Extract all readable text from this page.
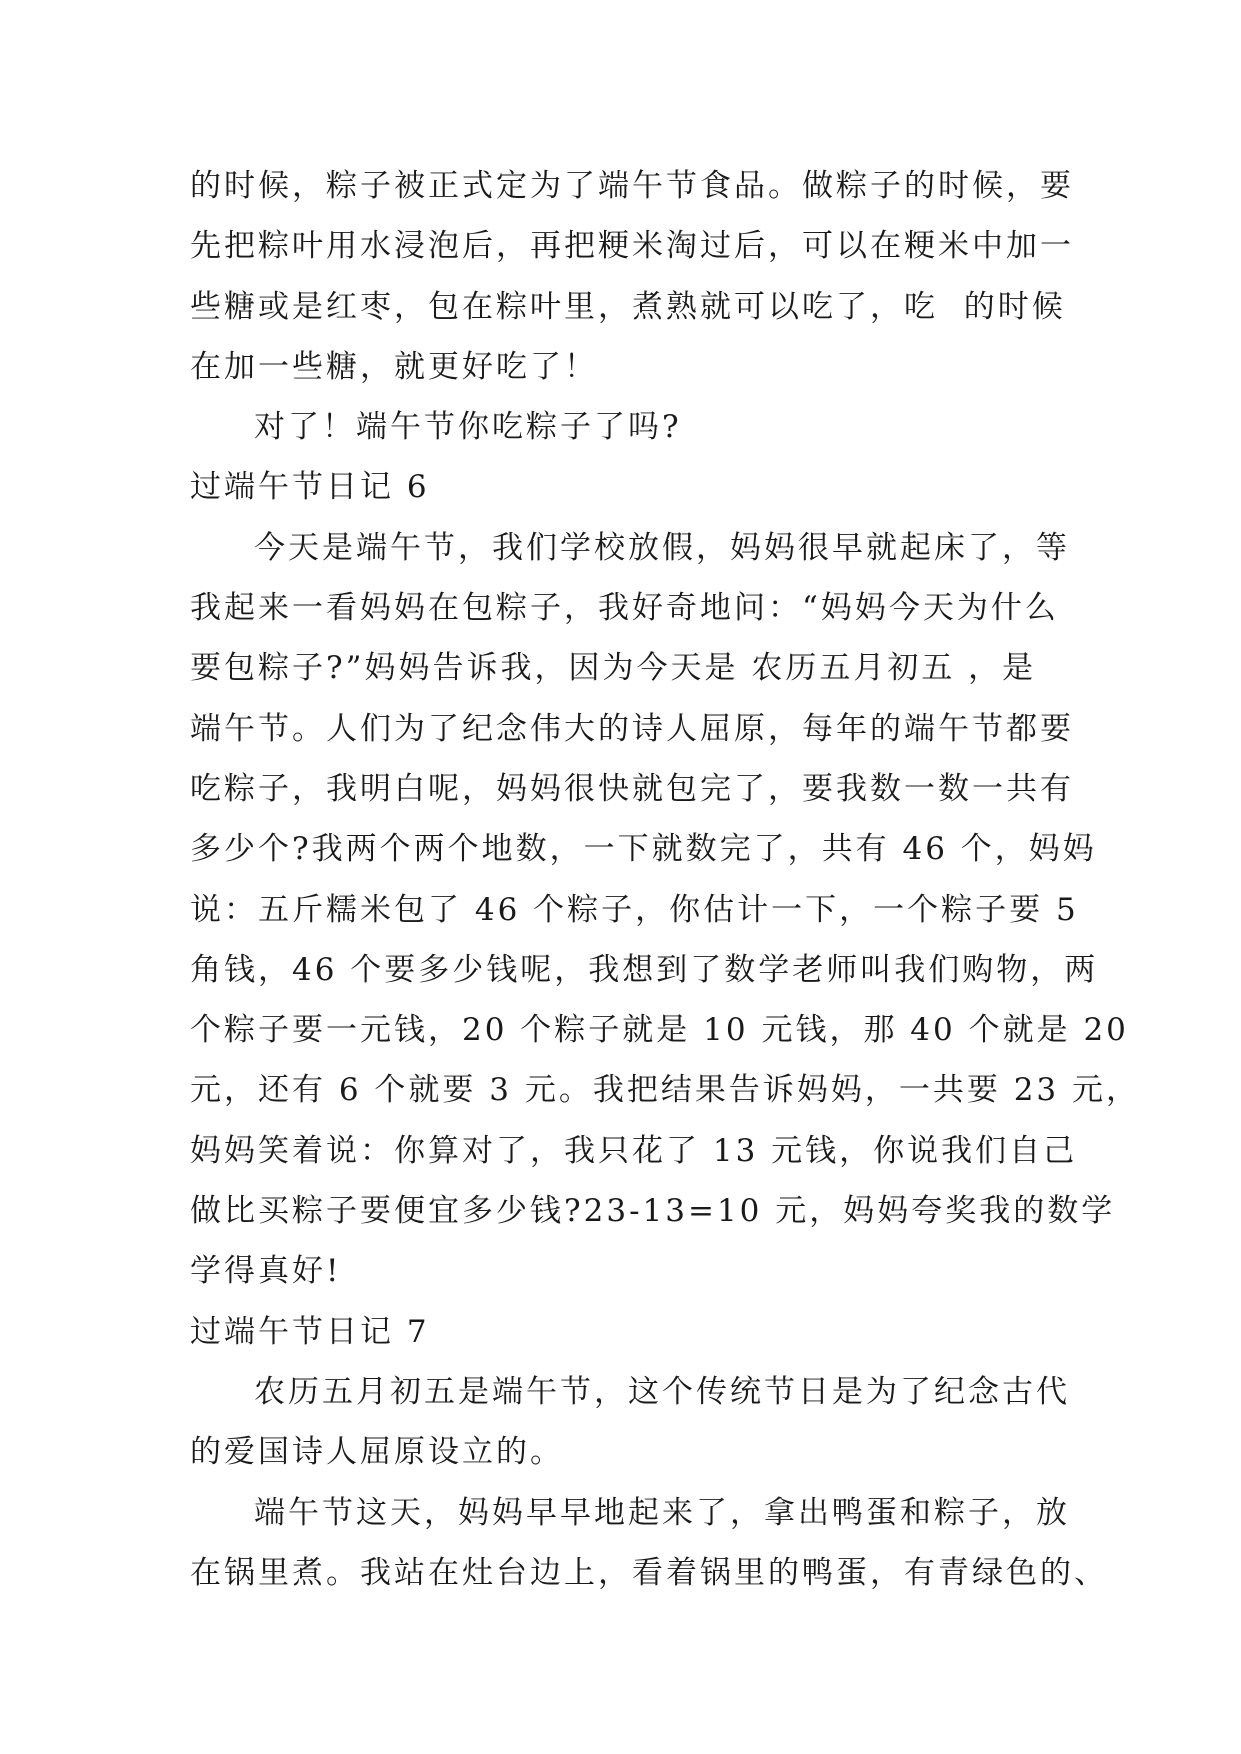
的时候，粽子被正式定为了端午节食品。做粽子的时候，要
先把粽叶用水浸泡后，再把粳米淘过后，可以在粳米中加一
些糖或是红枣，包在粽叶里，煮熟就可以吃了，吃  的时候
在加一些糖，就更好吃了！
对了！端午节你吃粽子了吗?
过端午节日记 6
今天是端午节，我们学校放假，妈妈很早就起床了，等
我起来一看妈妈在包粽子，我好奇地问：“妈妈今天为什么
要包粽子?”妈妈告诉我，因为今天是 农历五月初五 ，是
端午节。人们为了纪念伟大的诗人屈原，每年的端午节都要
吃粽子，我明白呢，妈妈很快就包完了，要我数一数一共有
多少个?我两个两个地数，一下就数完了，共有 46 个，妈妈
说：五斤糯米包了 46 个粽子，你估计一下，一个粽子要 5
角钱，46 个要多少钱呢，我想到了数学老师叫我们购物，两
个粽子要一元钱，20 个粽子就是 10 元钱，那 40 个就是 20
元，还有 6 个就要 3 元。我把结果告诉妈妈，一共要 23 元，
妈妈笑着说：你算对了，我只花了 13 元钱，你说我们自己
做比买粽子要便宜多少钱?23-13=10 元，妈妈夸奖我的数学
学得真好!
过端午节日记 7
农历五月初五是端午节，这个传统节日是为了纪念古代
的爱国诗人屈原设立的。
端午节这天，妈妈早早地起来了，拿出鸭蛋和粽子，放
在锅里煮。我站在灶台边上，看着锅里的鸭蛋，有青绿色的、
